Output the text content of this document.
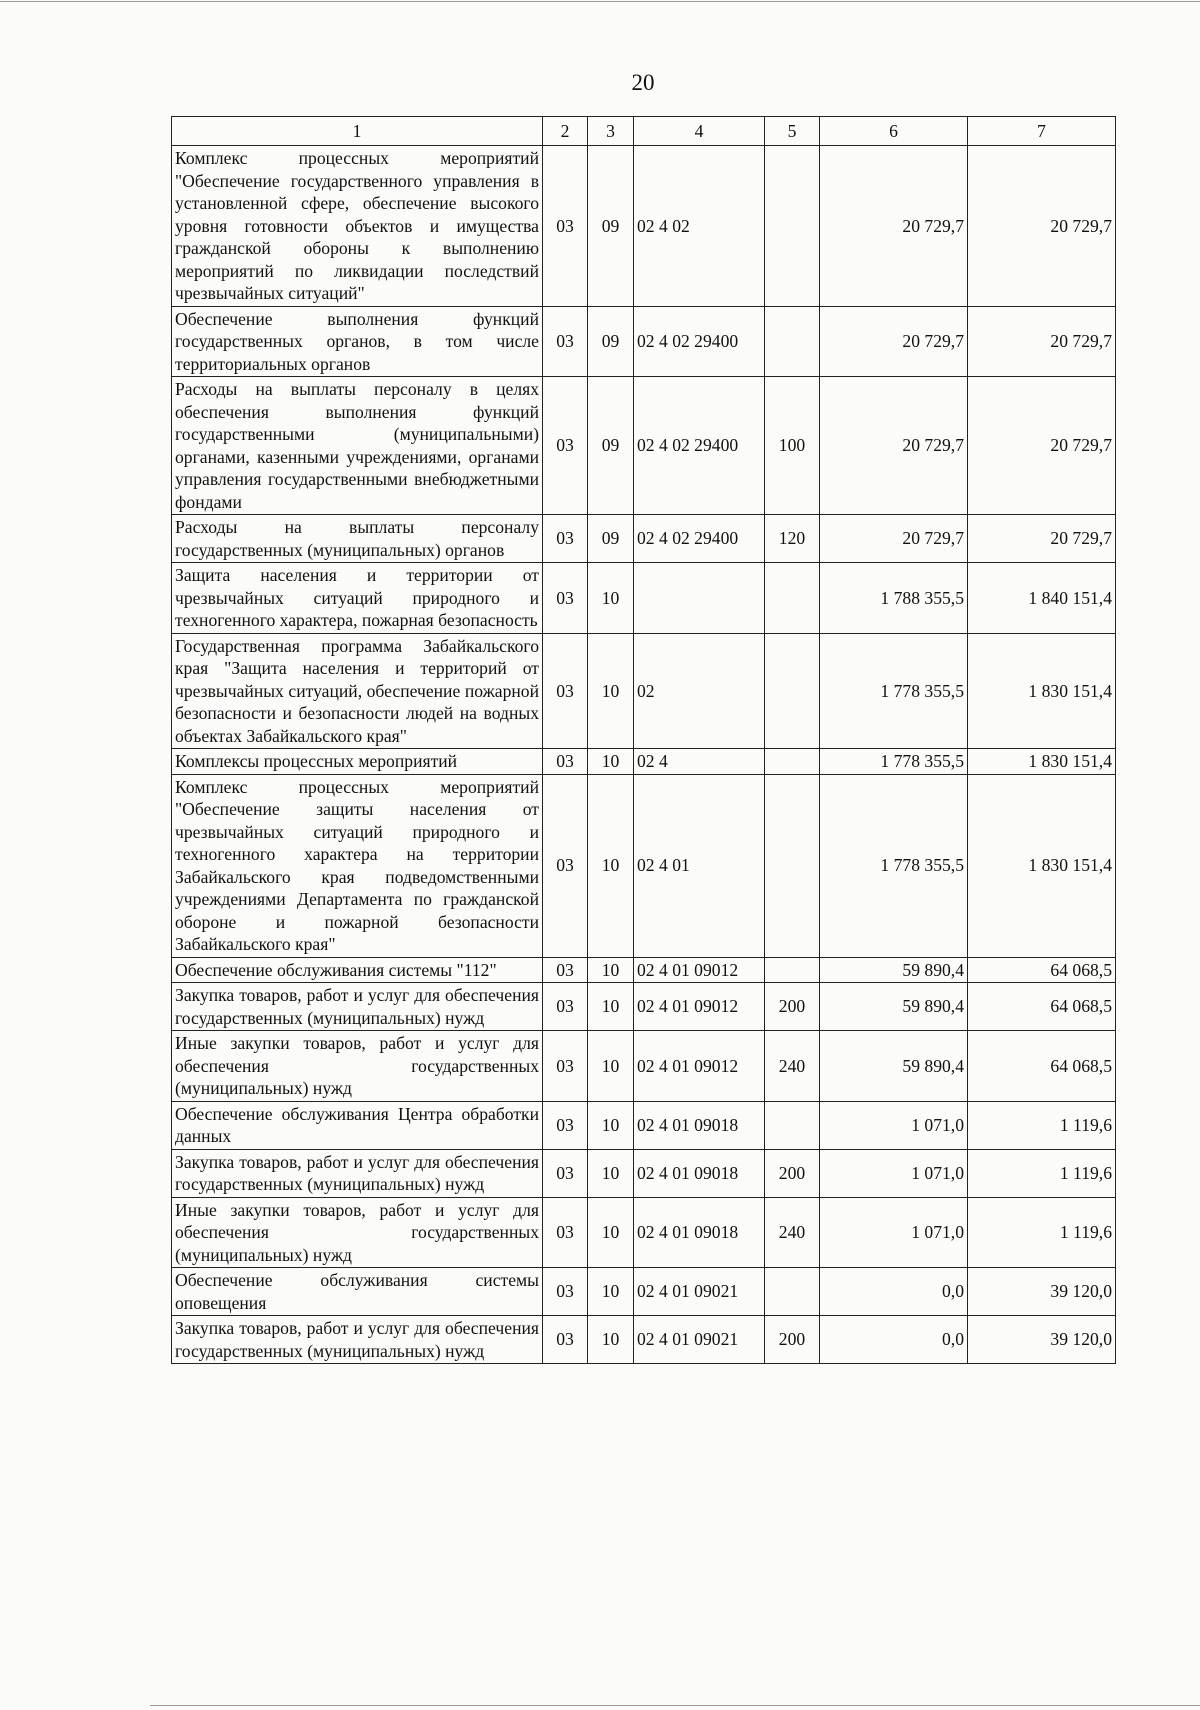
20
1	2	3	4	5	6	7
Комплекс процессных мероприятий "Обеспечение государственного управления в установленной сфере, обеспечение высокого уровня готовности объектов и имущества гражданской обороны к выполнению мероприятий по ликвидации последствий чрезвычайных ситуаций"	03	09	02 4 02		20 729,7	20 729,7
Обеспечение выполнения функций государственных органов, в том числе территориальных органов	03	09	02 4 02 29400		20 729,7	20 729,7
Расходы на выплаты персоналу в целях обеспечения выполнения функций государственными (муниципальными) органами, казенными учреждениями, органами управления государственными внебюджетными фондами	03	09	02 4 02 29400	100	20 729,7	20 729,7
Расходы на выплаты персоналу государственных (муниципальных) органов	03	09	02 4 02 29400	120	20 729,7	20 729,7
Защита населения и территории от чрезвычайных ситуаций природного и техногенного характера, пожарная безопасность	03	10			1 788 355,5	1 840 151,4
Государственная программа Забайкальского края "Защита населения и территорий от чрезвычайных ситуаций, обеспечение пожарной безопасности и безопасности людей на водных объектах Забайкальского края"	03	10	02		1 778 355,5	1 830 151,4
Комплексы процессных мероприятий	03	10	02 4		1 778 355,5	1 830 151,4
Комплекс процессных мероприятий "Обеспечение защиты населения от чрезвычайных ситуаций природного и техногенного характера на территории Забайкальского края подведомственными учреждениями Департамента по гражданской обороне и пожарной безопасности Забайкальского края"	03	10	02 4 01		1 778 355,5	1 830 151,4
Обеспечение обслуживания системы "112"	03	10	02 4 01 09012		59 890,4	64 068,5
Закупка товаров, работ и услуг для обеспечения государственных (муниципальных) нужд	03	10	02 4 01 09012	200	59 890,4	64 068,5
Иные закупки товаров, работ и услуг для обеспечения государственных (муниципальных) нужд	03	10	02 4 01 09012	240	59 890,4	64 068,5
Обеспечение обслуживания Центра обработки данных	03	10	02 4 01 09018		1 071,0	1 119,6
Закупка товаров, работ и услуг для обеспечения государственных (муниципальных) нужд	03	10	02 4 01 09018	200	1 071,0	1 119,6
Иные закупки товаров, работ и услуг для обеспечения государственных (муниципальных) нужд	03	10	02 4 01 09018	240	1 071,0	1 119,6
Обеспечение обслуживания системы оповещения	03	10	02 4 01 09021		0,0	39 120,0
Закупка товаров, работ и услуг для обеспечения государственных (муниципальных) нужд	03	10	02 4 01 09021	200	0,0	39 120,0
